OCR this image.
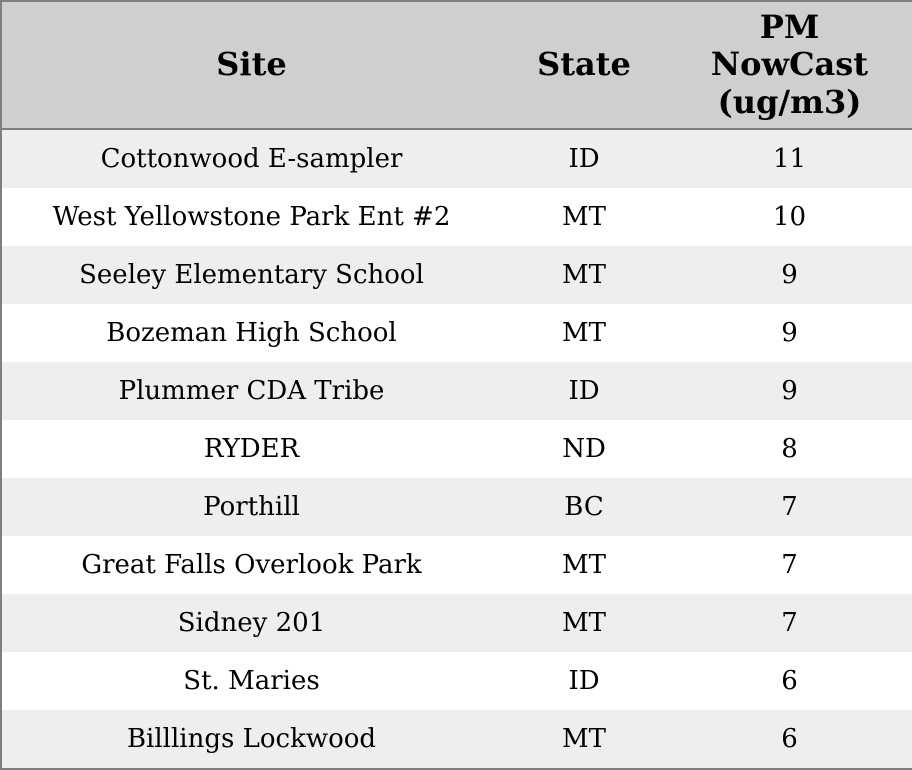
Site	State	PM NowCast (ug/m3)
Cottonwood E-sampler	ID	11
West Yellowstone Park Ent #2	MT	10
Seeley Elementary School	MT	9
Bozeman High School	MT	9
Plummer CDA Tribe	ID	9
RYDER	ND	8
Porthill	BC	7
Great Falls Overlook Park	MT	7
Sidney 201	MT	7
St. Maries	ID	6
Billlings Lockwood	MT	6
